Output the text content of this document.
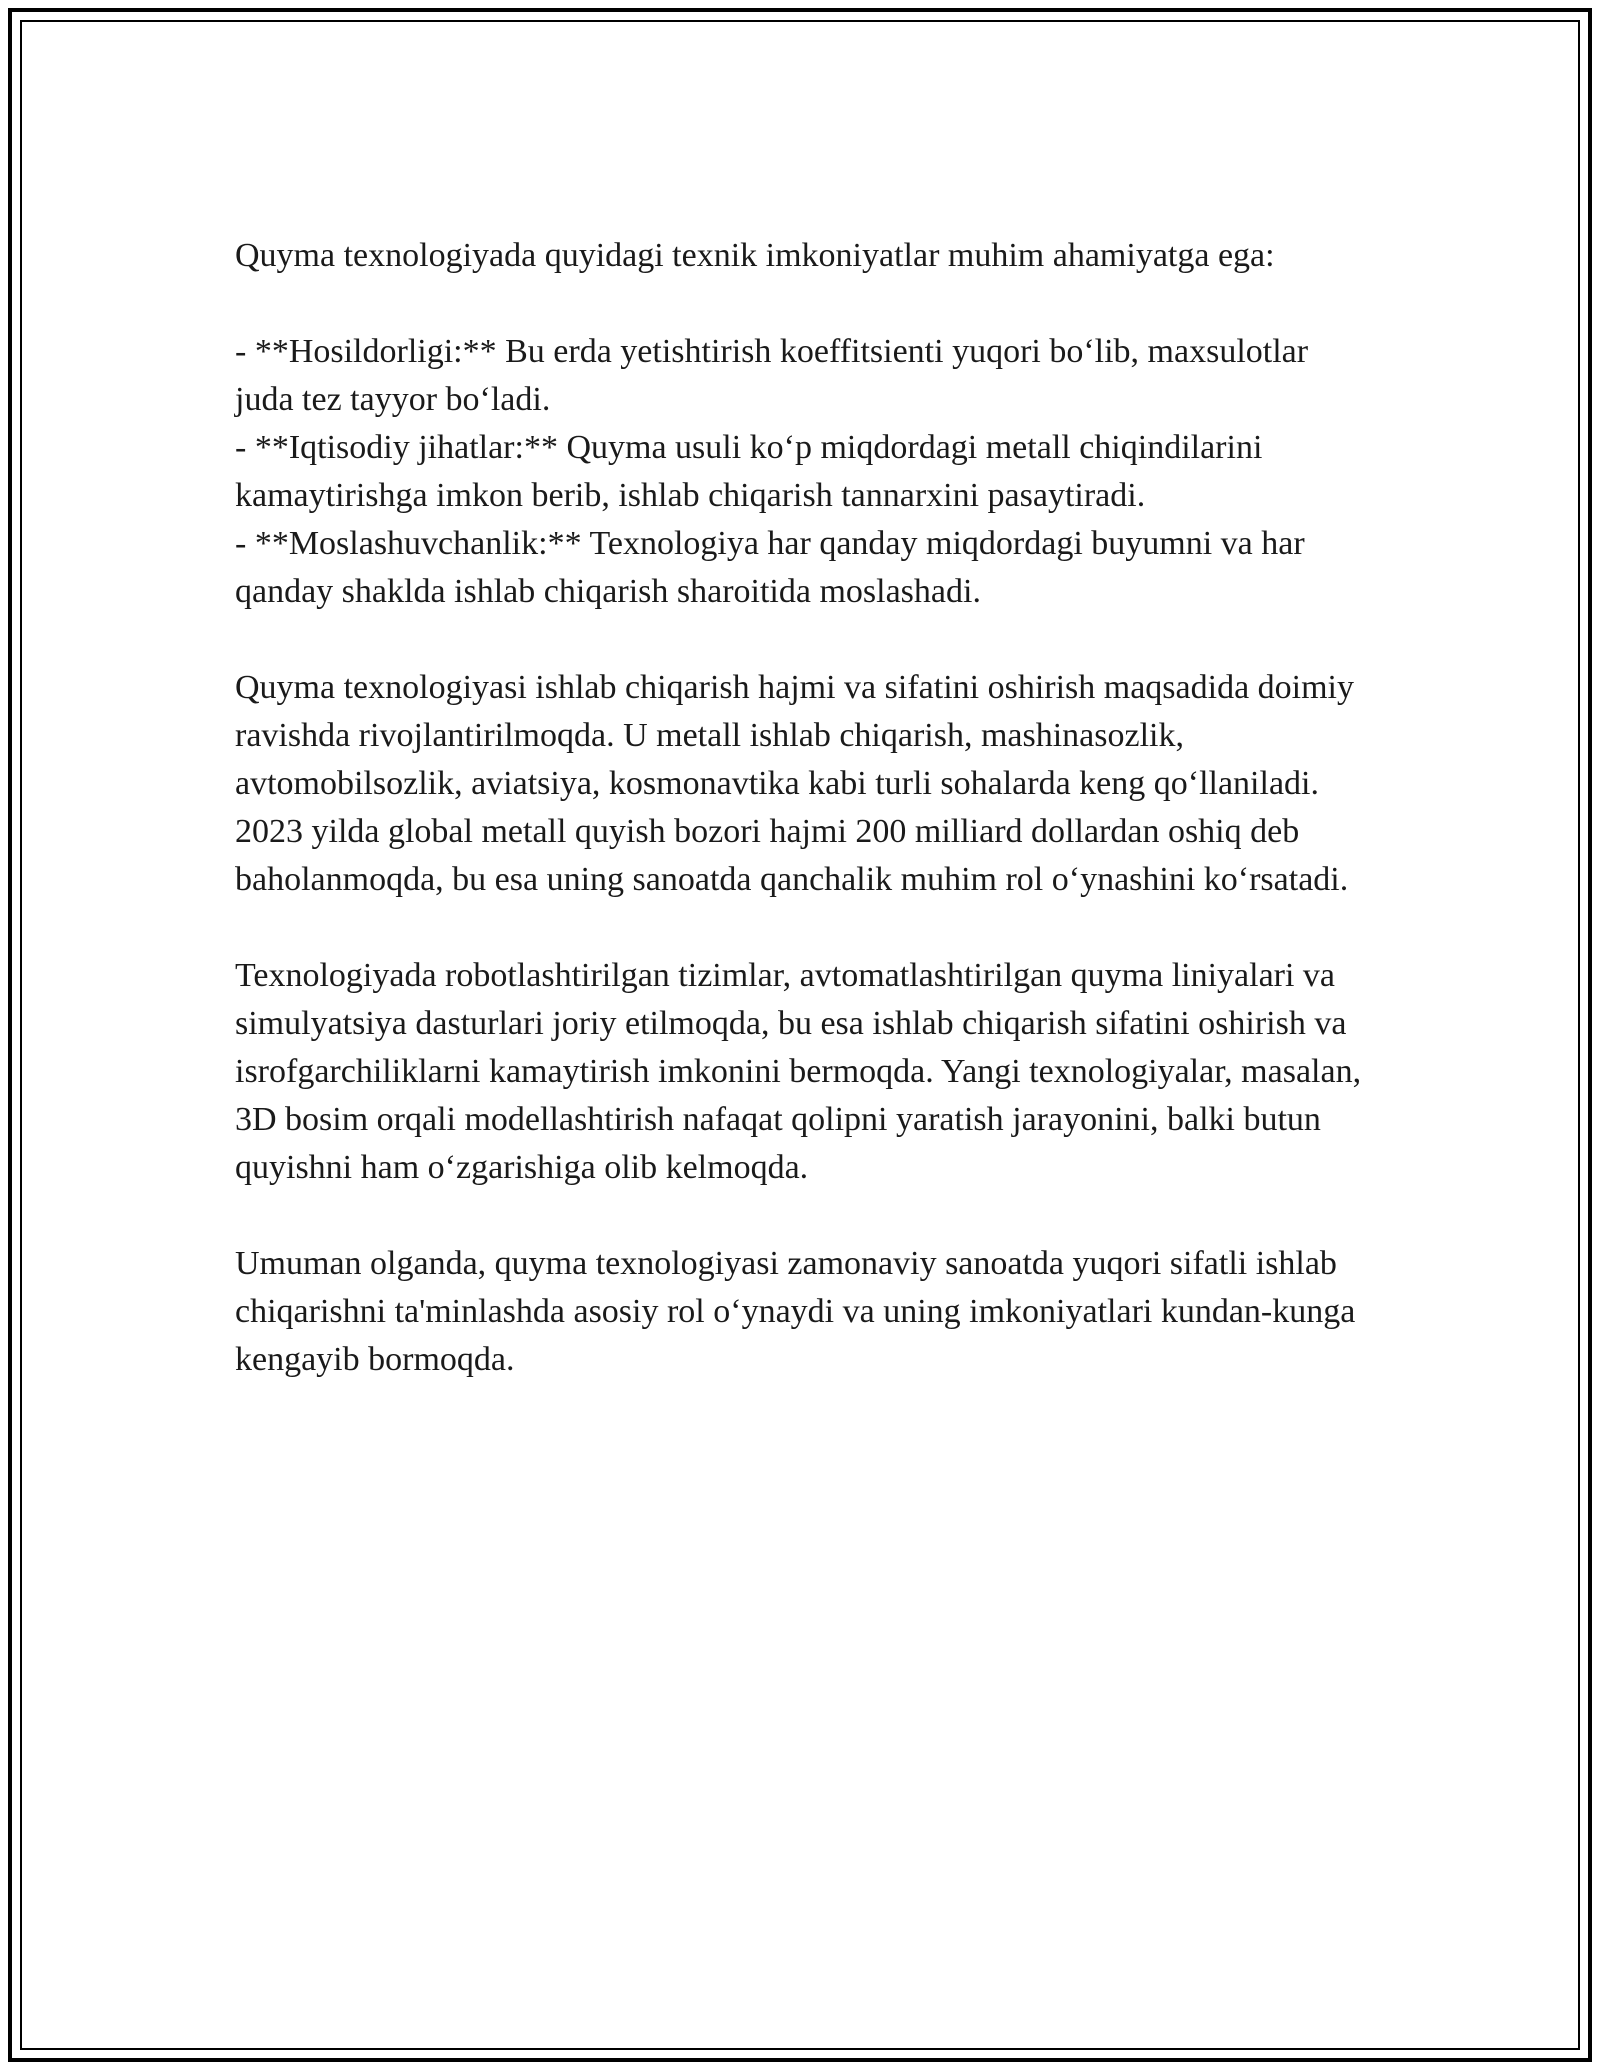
Quyma texnologiyada quyidagi texnik imkoniyatlar muhim ahamiyatga ega:

- **Hosildorligi:** Bu erda yetishtirish koeffitsienti yuqori bo‘lib, maxsulotlar juda tez tayyor bo‘ladi.

- **Iqtisodiy jihatlar:** Quyma usuli ko‘p miqdordagi metall chiqindilarini kamaytirishga imkon berib, ishlab chiqarish tannarxini pasaytiradi.

- **Moslashuvchanlik:** Texnologiya har qanday miqdordagi buyumni va har qanday shaklda ishlab chiqarish sharoitida moslashadi.

Quyma texnologiyasi ishlab chiqarish hajmi va sifatini oshirish maqsadida doimiy ravishda rivojlantirilmoqda. U metall ishlab chiqarish, mashinasozlik, avtomobilsozlik, aviatsiya, kosmonavtika kabi turli sohalarda keng qo‘llaniladi. 2023 yilda global metall quyish bozori hajmi 200 milliard dollardan oshiq deb baholanmoqda, bu esa uning sanoatda qanchalik muhim rol o‘ynashini ko‘rsatadi.

Texnologiyada robotlashtirilgan tizimlar, avtomatlashtirilgan quyma liniyalari va simulyatsiya dasturlari joriy etilmoqda, bu esa ishlab chiqarish sifatini oshirish va isrofgarchiliklarni kamaytirish imkonini bermoqda. Yangi texnologiyalar, masalan, 3D bosim orqali modellashtirish nafaqat qolipni yaratish jarayonini, balki butun quyishni ham o‘zgarishiga olib kelmoqda.

Umuman olganda, quyma texnologiyasi zamonaviy sanoatda yuqori sifatli ishlab chiqarishni ta'minlashda asosiy rol o‘ynaydi va uning imkoniyatlari kundan-kunga kengayib bormoqda.
